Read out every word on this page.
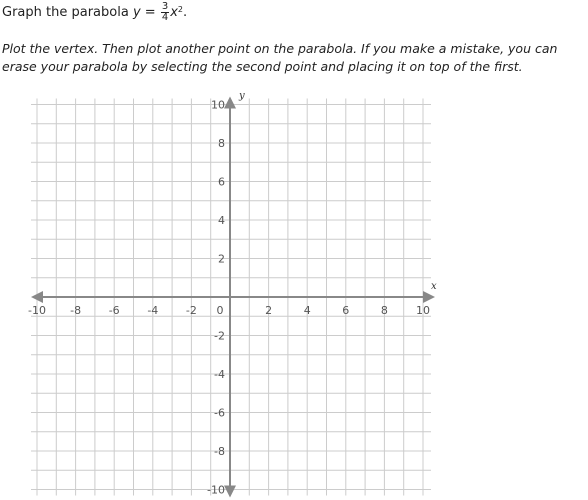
Graph the parabola $y = \frac{3}{4} x^2$.
Plot the vertex. Then plot another point on the parabola. If you make a mistake, you can erase your parabola by selecting the second point and placing it on top of the first.
-10 -8	-6	-4	-2 0	2	4	6	8	10
10
8
6
4
2
-2
-4
-6
-8
-10
x
y
